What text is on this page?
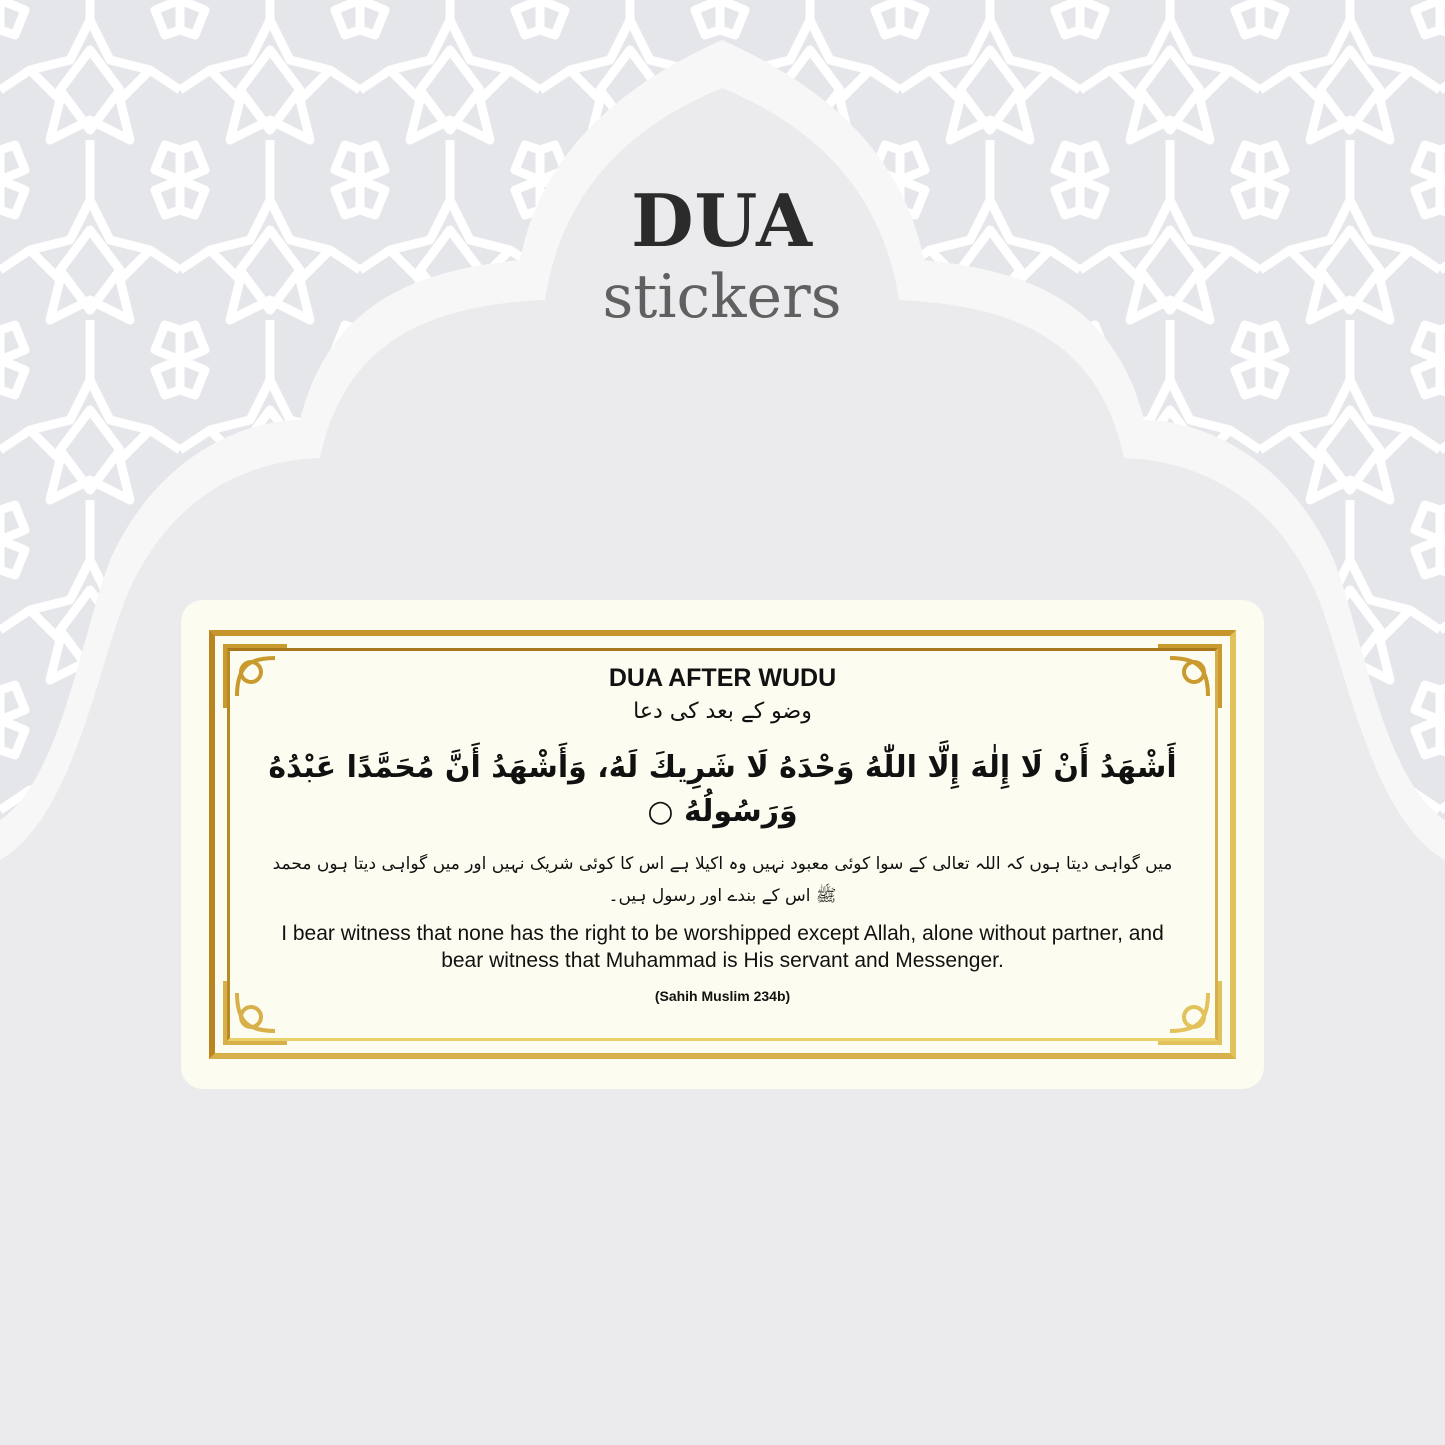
DUA
stickers
DUA AFTER WUDU
وضو کے بعد کی دعا
أَشْهَدُ أَنْ لَا إِلٰهَ إِلَّا اللّٰهُ وَحْدَهُ لَا شَرِيكَ لَهُ، وَأَشْهَدُ أَنَّ مُحَمَّدًا عَبْدُهُ وَرَسُولُهُ ○
میں گواہی دیتا ہوں کہ اللہ تعالی کے سوا کوئی معبود نہیں وہ اکیلا ہے اس کا کوئی شریک نہیں اور میں گواہی دیتا ہوں محمد ﷺ اس کے بندے اور رسول ہیں۔
I bear witness that none has the right to be worshipped except Allah, alone without partner, and bear witness that Muhammad is His servant and Messenger.
(Sahih Muslim 234b)
